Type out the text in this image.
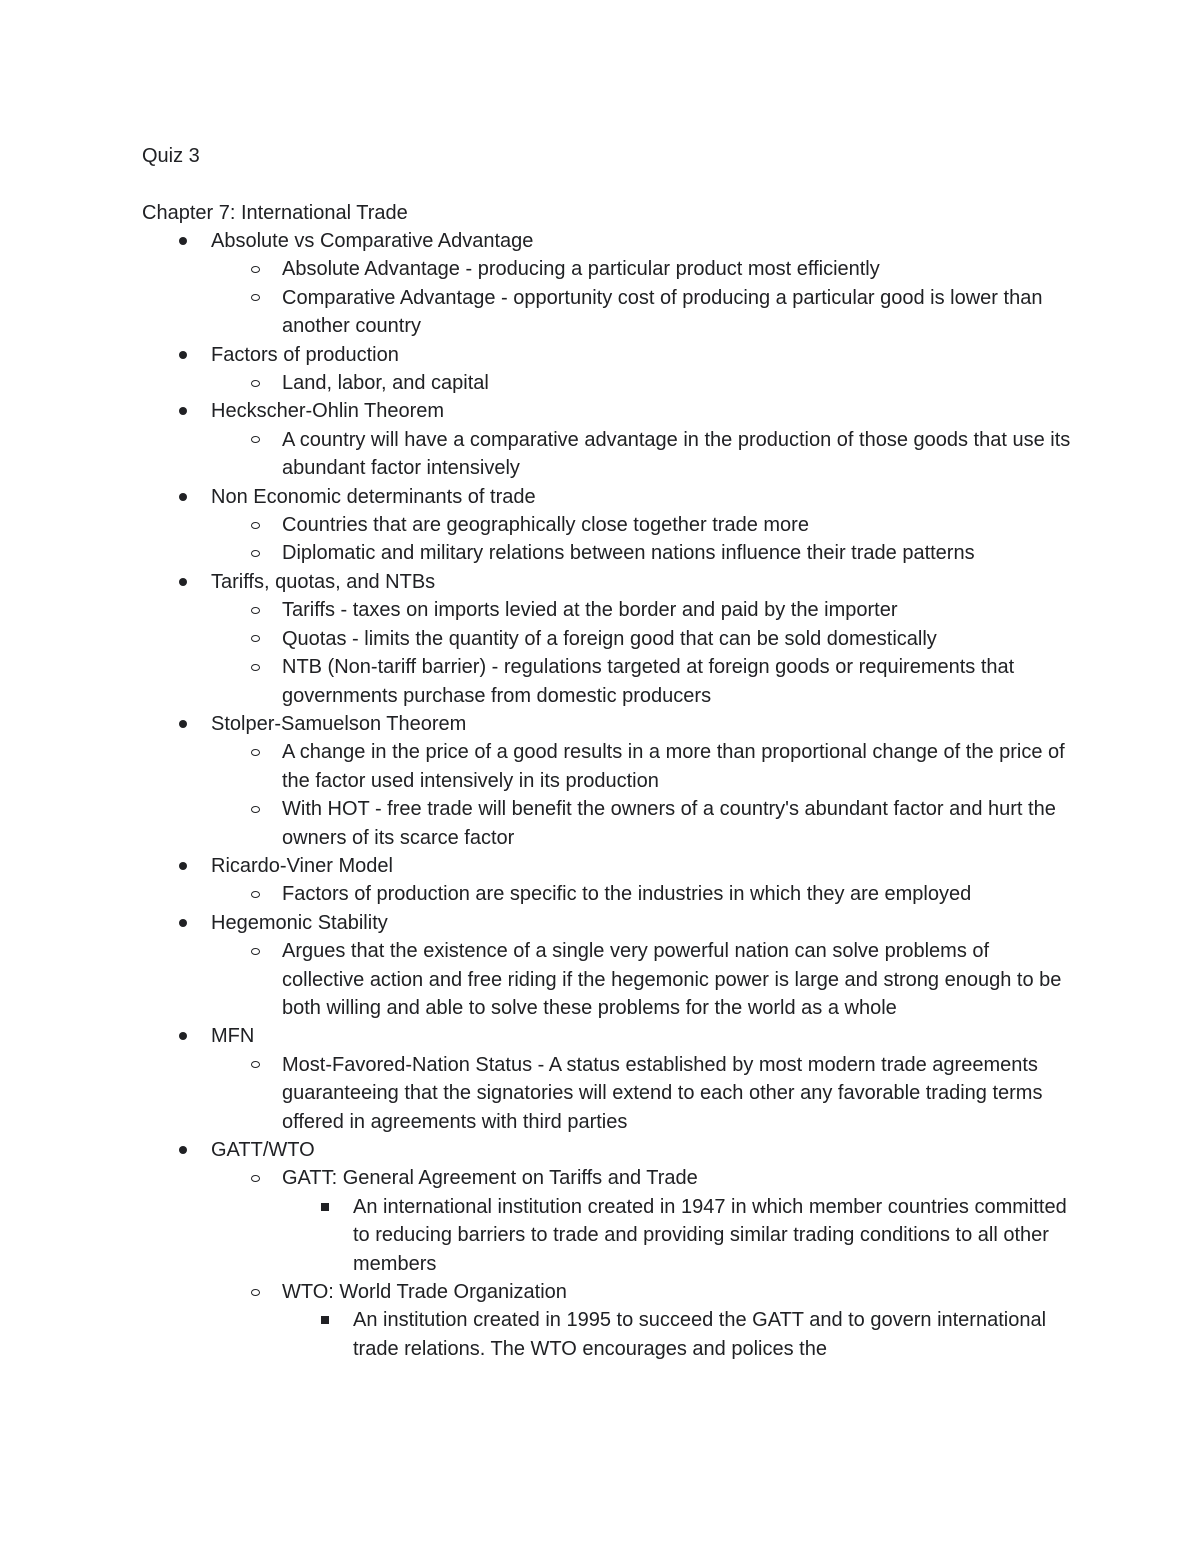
Quiz 3

Chapter 7: International Trade

Absolute vs Comparative Advantage
Absolute Advantage - producing a particular product most efficiently
Comparative Advantage - opportunity cost of producing a particular good is lower than another country
Factors of production
Land, labor, and capital
Heckscher-Ohlin Theorem
A country will have a comparative advantage in the production of those goods that use its abundant factor intensively
Non Economic determinants of trade
Countries that are geographically close together trade more
Diplomatic and military relations between nations influence their trade patterns
Tariffs, quotas, and NTBs
Tariffs - taxes on imports levied at the border and paid by the importer
Quotas - limits the quantity of a foreign good that can be sold domestically
NTB (Non-tariff barrier) - regulations targeted at foreign goods or requirements that governments purchase from domestic producers
Stolper-Samuelson Theorem
A change in the price of a good results in a more than proportional change of the price of the factor used intensively in its production
With HOT - free trade will benefit the owners of a country's abundant factor and hurt the owners of its scarce factor
Ricardo-Viner Model
Factors of production are specific to the industries in which they are employed
Hegemonic Stability
Argues that the existence of a single very powerful nation can solve problems of collective action and free riding if the hegemonic power is large and strong enough to be both willing and able to solve these problems for the world as a whole
MFN
Most-Favored-Nation Status - A status established by most modern trade agreements guaranteeing that the signatories will extend to each other any favorable trading terms offered in agreements with third parties
GATT/WTO
GATT: General Agreement on Tariffs and Trade
An international institution created in 1947 in which member countries committed to reducing barriers to trade and providing similar trading conditions to all other members
WTO: World Trade Organization
An institution created in 1995 to succeed the GATT and to govern international trade relations. The WTO encourages and polices the
